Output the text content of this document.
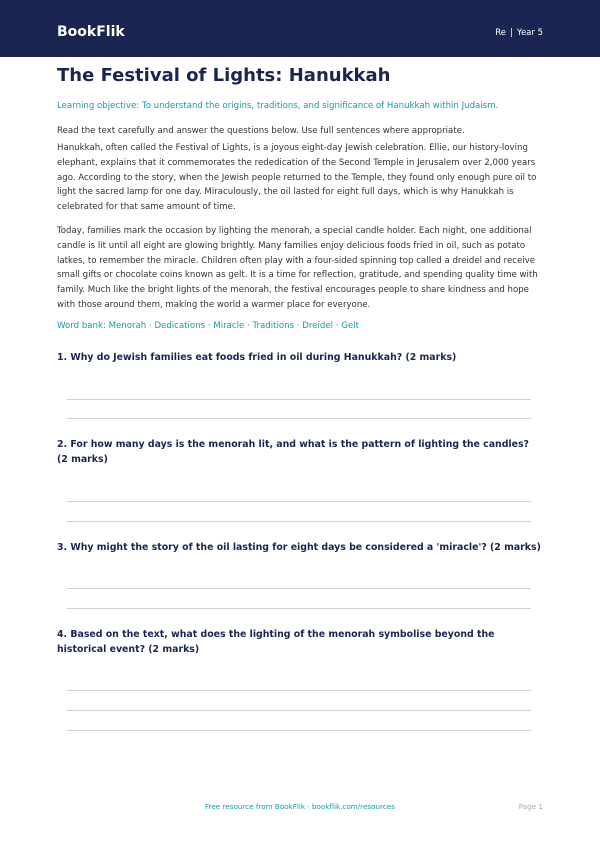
BookFlik	Re | Year 5
The Festival of Lights: Hanukkah
Learning objective: To understand the origins, traditions, and significance of Hanukkah within Judaism.
Read the text carefully and answer the questions below. Use full sentences where appropriate.

Hanukkah, often called the Festival of Lights, is a joyous eight-day Jewish celebration. Ellie, our history-loving elephant, explains that it commemorates the rededication of the Second Temple in Jerusalem over 2,000 years ago. According to the story, when the Jewish people returned to the Temple, they found only enough pure oil to light the sacred lamp for one day. Miraculously, the oil lasted for eight full days, which is why Hanukkah is celebrated for that same amount of time.

Today, families mark the occasion by lighting the menorah, a special candle holder. Each night, one additional candle is lit until all eight are glowing brightly. Many families enjoy delicious foods fried in oil, such as potato latkes, to remember the miracle. Children often play with a four-sided spinning top called a dreidel and receive small gifts or chocolate coins known as gelt. It is a time for reflection, gratitude, and spending quality time with family. Much like the bright lights of the menorah, the festival encourages people to share kindness and hope with those around them, making the world a warmer place for everyone.

Word bank: Menorah · Dedications · Miracle · Traditions · Dreidel · Gelt

1. Why do Jewish families eat foods fried in oil during Hanukkah? (2 marks)

2. For how many days is the menorah lit, and what is the pattern of lighting the candles? (2 marks)

3. Why might the story of the oil lasting for eight days be considered a 'miracle'? (2 marks)

4. Based on the text, what does the lighting of the menorah symbolise beyond the historical event? (2 marks)

Free resource from BookFlik · bookflik.com/resources	Page 1
